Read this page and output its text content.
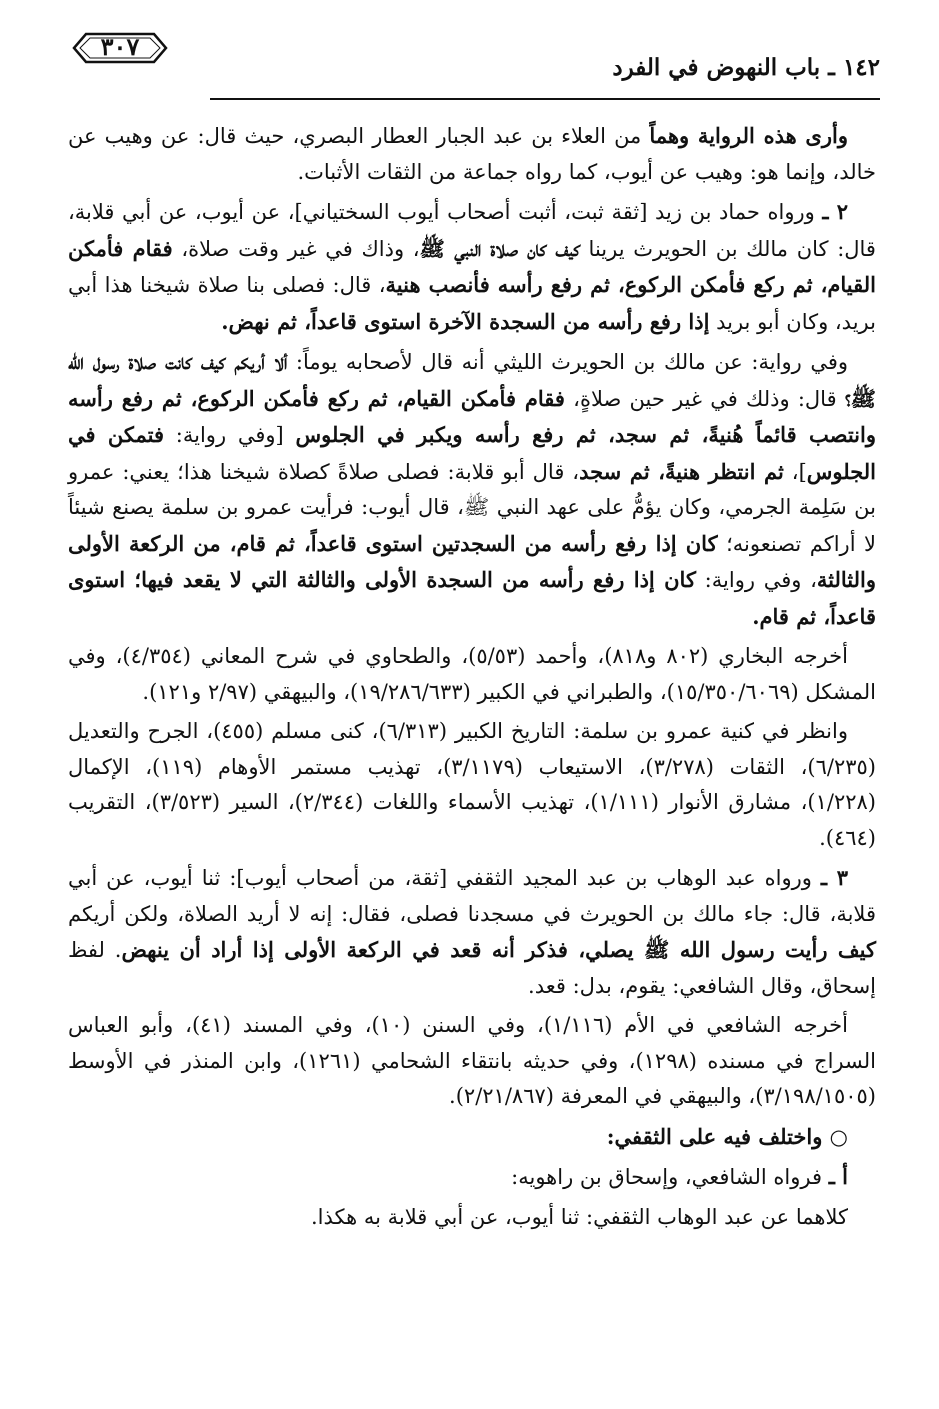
١٤٢ ـ باب النهوض في الفرد
٣٠٧

وأرى هذه الرواية وهماً من العلاء بن عبد الجبار العطار البصري، حيث قال: عن وهيب عن خالد، وإنما هو: وهيب عن أيوب، كما رواه جماعة من الثقات الأثبات.

٢ ـ ورواه حماد بن زيد [ثقة ثبت، أثبت أصحاب أيوب السختياني]، عن أيوب، عن أبي قلابة، قال: كان مالك بن الحويرث يرينا كيف كان صلاة النبي ﷺ، وذاك في غير وقت صلاة، فقام فأمكن القيام، ثم ركع فأمكن الركوع، ثم رفع رأسه فأنصب هنية، قال: فصلى بنا صلاة شيخنا هذا أبي بريد، وكان أبو بريد إذا رفع رأسه من السجدة الآخرة استوى قاعداً، ثم نهض.

وفي رواية: عن مالك بن الحويرث الليثي أنه قال لأصحابه يوماً: ألا أريكم كيف كانت صلاة رسول الله ﷺ؟ قال: وذلك في غير حين صلاةٍ، فقام فأمكن القيام، ثم ركع فأمكن الركوع، ثم رفع رأسه وانتصب قائماً هُنيةً، ثم سجد، ثم رفع رأسه ويكبر في الجلوس [وفي رواية: فتمكن في الجلوس]، ثم انتظر هنيةً، ثم سجد، قال أبو قلابة: فصلى صلاةً كصلاة شيخنا هذا؛ يعني: عمرو بن سَلِمة الجرمي، وكان يؤمُّ على عهد النبي ﷺ، قال أيوب: فرأيت عمرو بن سلمة يصنع شيئاً لا أراكم تصنعونه؛ كان إذا رفع رأسه من السجدتين استوى قاعداً، ثم قام، من الركعة الأولى والثالثة، وفي رواية: كان إذا رفع رأسه من السجدة الأولى والثالثة التي لا يقعد فيها؛ استوى قاعداً، ثم قام.

أخرجه البخاري (٨٠٢ و٨١٨)، وأحمد (٥/٥٣)، والطحاوي في شرح المعاني (٤/٣٥٤)، وفي المشكل (١٥/٣٥٠/٦٠٦٩)، والطبراني في الكبير (١٩/٢٨٦/٦٣٣)، والبيهقي (٢/٩٧ و١٢١).

وانظر في كنية عمرو بن سلمة: التاريخ الكبير (٦/٣١٣)، كنى مسلم (٤٥٥)، الجرح والتعديل (٦/٢٣٥)، الثقات (٣/٢٧٨)، الاستيعاب (٣/١١٧٩)، تهذيب مستمر الأوهام (١١٩)، الإكمال (١/٢٢٨)، مشارق الأنوار (١/١١١)، تهذيب الأسماء واللغات (٢/٣٤٤)، السير (٣/٥٢٣)، التقريب (٤٦٤).

٣ ـ ورواه عبد الوهاب بن عبد المجيد الثقفي [ثقة، من أصحاب أيوب]: ثنا أيوب، عن أبي قلابة، قال: جاء مالك بن الحويرث في مسجدنا فصلى، فقال: إنه لا أريد الصلاة، ولكن أريكم كيف رأيت رسول الله ﷺ يصلي، فذكر أنه قعد في الركعة الأولى إذا أراد أن ينهض. لفظ إسحاق، وقال الشافعي: يقوم، بدل: قعد.

أخرجه الشافعي في الأم (١/١١٦)، وفي السنن (١٠)، وفي المسند (٤١)، وأبو العباس السراج في مسنده (١٢٩٨)، وفي حديثه بانتقاء الشحامي (١٢٦١)، وابن المنذر في الأوسط (٣/١٩٨/١٥٠٥)، والبيهقي في المعرفة (٢/٢١/٨٦٧).

○ واختلف فيه على الثقفي:

أ ـ فرواه الشافعي، وإسحاق بن راهويه:

كلاهما عن عبد الوهاب الثقفي: ثنا أيوب، عن أبي قلابة به هكذا.
